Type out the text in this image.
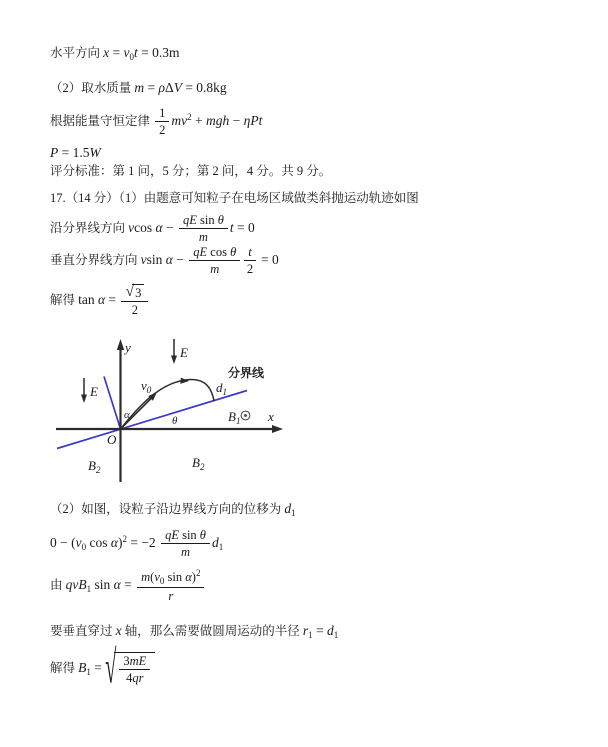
水平方向 $x = v_0t = 0.3m$
（2）取水质量 m = ρΔV = 0.8kg
根据能量守恒定律 $\frac{1}{2} mv^2$ + mgh − ηPt
P = 1.5W
评分标准：第 1 问，5 分；第 2 问，4 分。共 9 分。
17.（14 分）（1）由题意可知粒子在电场区域做类斜抛运动轨迹如图
沿分界线方向 vcos $\alpha - \frac{\text{qE sin θ}}{m}$ t = 0
垂直分界线方向 vsin $\alpha - \frac{\text{qE cos θ}}{m} \frac{t}{2} = 0$
解得 $\tan \alpha = \frac{√ 3}{2}$
（2）如图，设粒子沿边界线方向的位移为 $d_1$
$0 - (v_0$ $\cos \alpha)^2 = -2 \frac{\text{qE sin θ}}{m} d_1$
由 qvB$_1$ $\sin \alpha = \frac{m(v_0 \sin \alpha)^2}{r}$
要垂直穿过 x 轴，那么需要做圆周运动的半径 $r_1 = d_1$
解得 $B_1$ = √ $\frac{3mE}{4qr}$
y
x
O
$v_0$	$d_1$
α	θ
E
E
分界线
$B_1$
$B_2$	$B_2$
